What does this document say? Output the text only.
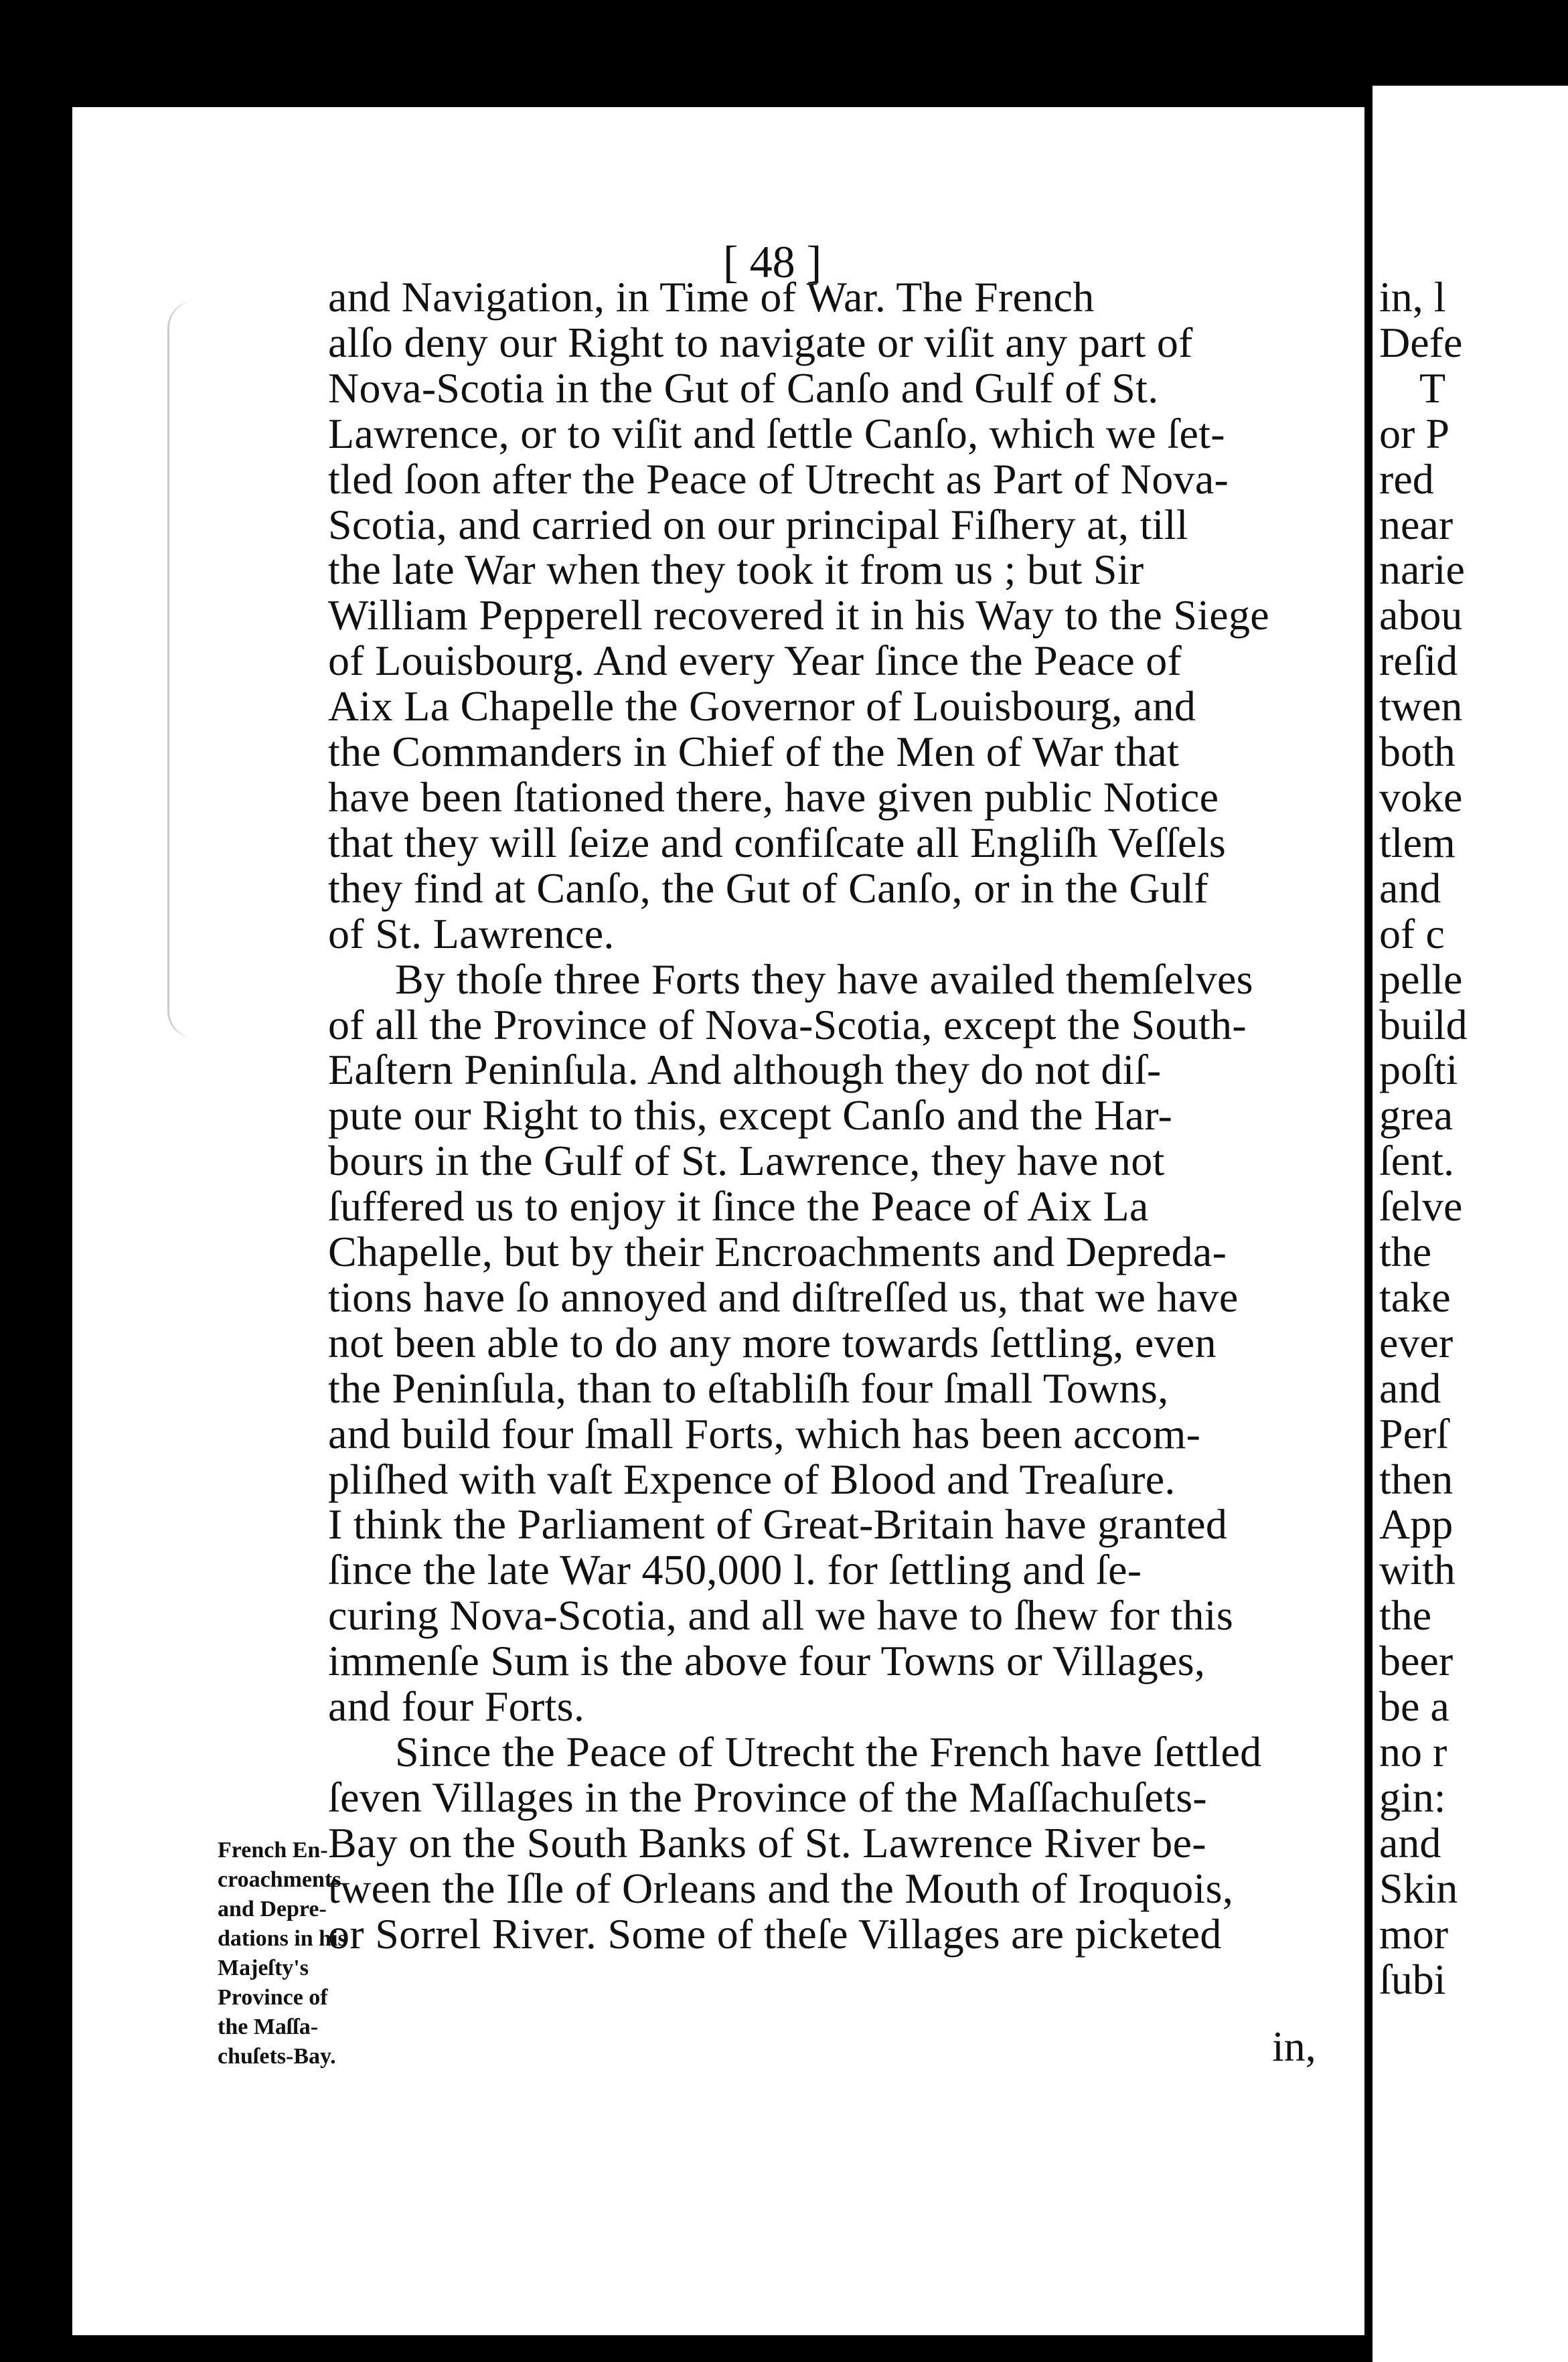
in, l
Defe
T
or P
red
near
narie
abou
reſid
twen
both
voke
tlem
and
of c
pelle
build
poſti
grea
ſent.
ſelve
the
take
ever
and
Perſ
then
App
with
the
beer
be a
no r
gin:
and
Skin
mor
ſubi
[ 48 ]
and Navigation, in Time of War. The French
alſo deny our Right to navigate or viſit any part of
Nova-Scotia in the Gut of Canſo and Gulf of St.
Lawrence, or to viſit and ſettle Canſo, which we ſet-
tled ſoon after the Peace of Utrecht as Part of Nova-
Scotia, and carried on our principal Fiſhery at, till
the late War when they took it from us ; but Sir
William Pepperell recovered it in his Way to the Siege
of Louisbourg. And every Year ſince the Peace of
Aix La Chapelle the Governor of Louisbourg, and
the Commanders in Chief of the Men of War that
have been ſtationed there, have given public Notice
that they will ſeize and confiſcate all Engliſh Veſſels
they find at Canſo, the Gut of Canſo, or in the Gulf
of St. Lawrence.
By thoſe three Forts they have availed themſelves
of all the Province of Nova-Scotia, except the South-
Eaſtern Peninſula. And although they do not diſ-
pute our Right to this, except Canſo and the Har-
bours in the Gulf of St. Lawrence, they have not
ſuffered us to enjoy it ſince the Peace of Aix La
Chapelle, but by their Encroachments and Depreda-
tions have ſo annoyed and diſtreſſed us, that we have
not been able to do any more towards ſettling, even
the Peninſula, than to eſtabliſh four ſmall Towns,
and build four ſmall Forts, which has been accom-
pliſhed with vaſt Expence of Blood and Treaſure.
I think the Parliament of Great-Britain have granted
ſince the late War 450,000 l. for ſettling and ſe-
curing Nova-Scotia, and all we have to ſhew for this
immenſe Sum is the above four Towns or Villages,
and four Forts.
Since the Peace of Utrecht the French have ſettled
ſeven Villages in the Province of the Maſſachuſets-
Bay on the South Banks of St. Lawrence River be-
tween the Iſle of Orleans and the Mouth of Iroquois,
or Sorrel River. Some of theſe Villages are picketed
in,
French En-
croachments
and Depre-
dations in his
Majeſty's
Province of
the Maſſa-
chuſets-Bay.
